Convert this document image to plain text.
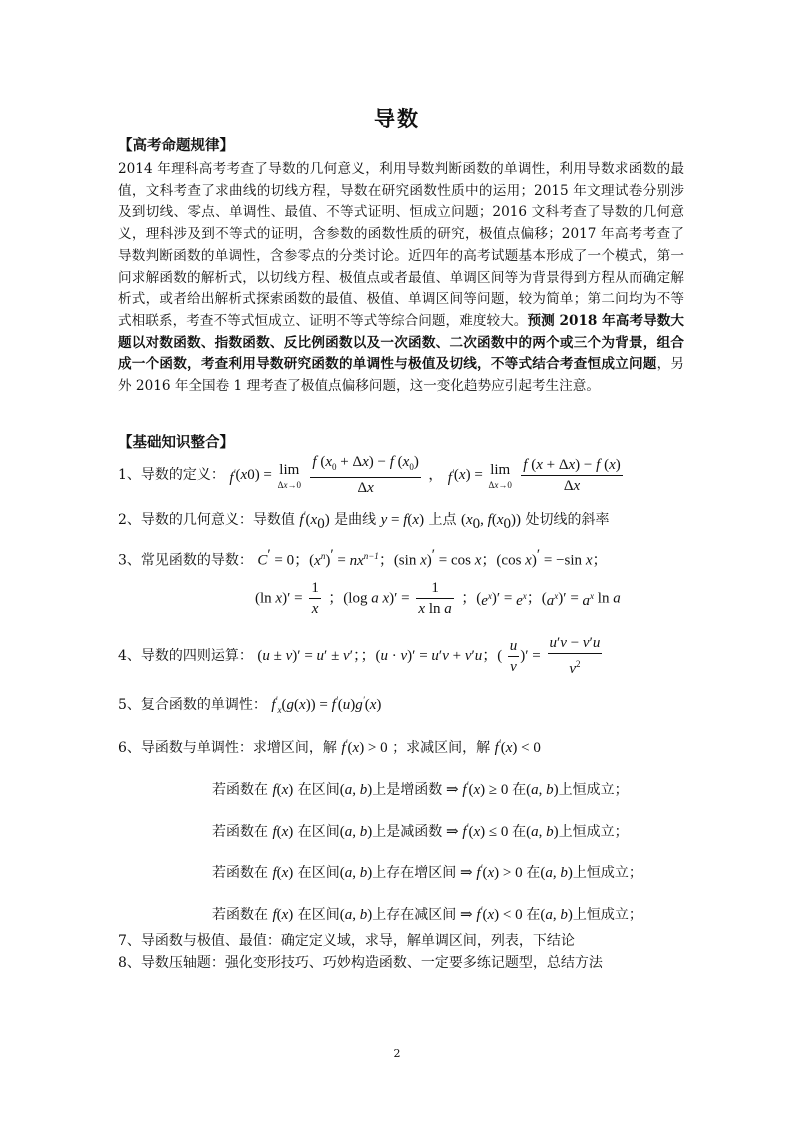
导数
【高考命题规律】
2014 年理科高考考查了导数的几何意义，利用导数判断函数的单调性，利用导数求函数的最值，文科考查了求曲线的切线方程，导数在研究函数性质中的运用；2015 年文理试卷分别涉及到切线、零点、单调性、最值、不等式证明、恒成立问题；2016 文科考查了导数的几何意义，理科涉及到不等式的证明，含参数的函数性质的研究，极值点偏移；2017 年高考考查了导数判断函数的单调性，含参零点的分类讨论。近四年的高考试题基本形成了一个模式，第一问求解函数的解析式，以切线方程、极值点或者最值、单调区间等为背景得到方程从而确定解析式，或者给出解析式探索函数的最值、极值、单调区间等问题，较为简单；第二问均为不等式相联系，考查不等式恒成立、证明不等式等综合问题，难度较大。预测 2018 年高考导数大题以对数函数、指数函数、反比例函数以及一次函数、二次函数中的两个或三个为背景，组合成一个函数，考查利用导数研究函数的单调性与极值及切线，不等式结合考查恒成立问题，另外 2016 年全国卷 1 理考查了极值点偏移问题，这一变化趋势应引起考生注意。
【基础知识整合】
1、导数的定义： f′(x0) = lim
Δx→0
$\frac{f (x_0 + \Delta x) - f (x_0)}{\Delta x}$ ， f′(x) = lim
Δx→0
$\frac{f (x + \Delta x) - f (x)}{\Delta x}$
2、导数的几何意义：导数值 $f'(x_0)$ 是曲线 y = f(x) 上点 ($x_0$, $f(x_0)$) 处切线的斜率
3、常见函数的导数： C′ = 0；$(x^n)' = nx^{n-1}$；(sin x)′ = cos x；(cos x)′ = −sin x；
(ln $x)' = \frac{1}{x}$ ；(log a $x)' = \frac{1}{\text{x ln a}}$ ；$(e^x)' = e^x$；$(a^x)' = a^x$ ln a
4、导数的四则运算： (u ± v)′ = u′ ± v′；；(u · v)′ = u′v + v′u；( $\frac{u}{v}$ )′ = $\frac{u'v - v'u}{v^2}$
5、复合函数的单调性： $f'_x(g(x)) = f'(u)g'(x)$
6、导函数与单调性：求增区间，解 f′(x) > 0 ；求减区间，解 f′(x) < 0
若函数在 f(x) 在区间(a, b)上是增函数 ⇒ f′(x) ≥ 0 在(a, b)上恒成立；
若函数在 f(x) 在区间(a, b)上是减函数 ⇒ f′(x) ≤ 0 在(a, b)上恒成立；
若函数在 f(x) 在区间(a, b)上存在增区间 ⇒ f′(x) > 0 在(a, b)上恒成立；
若函数在 f(x) 在区间(a, b)上存在减区间 ⇒ f′(x) < 0 在(a, b)上恒成立；
7、导函数与极值、最值：确定定义域，求导，解单调区间，列表，下结论
8、导数压轴题：强化变形技巧、巧妙构造函数、一定要多练记题型，总结方法
2
